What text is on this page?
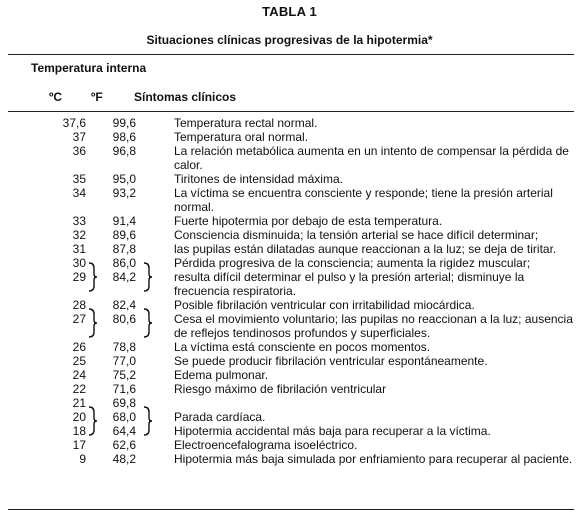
TABLA 1
Situaciones clínicas progresivas de la hipotermia*
Temperatura interna
ºC ºF	Síntomas clínicos
37,6	99,6	Temperatura rectal normal.
37	98,6	Temperatura oral normal.
36	96,8	La relación metabólica aumenta en un intento de compensar la pérdida de calor.
35	95,0	Tiritones de intensidad máxima.
34	93,2	La víctima se encuentra consciente y responde; tiene la presión arterial normal.
33	91,4	Fuerte hipotermia por debajo de esta temperatura.
32	89,6	Consciencia disminuida; la tensión arterial se hace difícil determinar;
31	87,8	las pupilas están dilatadas aunque reaccionan a la luz; se deja de tiritar.
30	86,0	Pérdida progresiva de la consciencia; aumenta la rigidez muscular;
29	84,2	resulta difícil determinar el pulso y la presión arterial; disminuye la frecuencia respiratoria.
28	82,4	Posible fibrilación ventricular con irritabilidad miocárdica.
27	80,6	Cesa el movimiento voluntario; las pupilas no reaccionan a la luz; ausencia de reflejos tendinosos profundos y superficiales.
26	78,8	La víctima está consciente en pocos momentos.
25	77,0	Se puede producir fibrilación ventricular espontáneamente.
24	75,2	Edema pulmonar.
22	71,6	Riesgo máximo de fibrilación ventricular
21	69,8
20	68,0	Parada cardíaca.
18	64,4	Hipotermia accidental más baja para recuperar a la víctima.
17	62,6	Electroencefalograma isoeléctrico.
9	48,2	Hipotermia más baja simulada por enfriamiento para recuperar al paciente.
